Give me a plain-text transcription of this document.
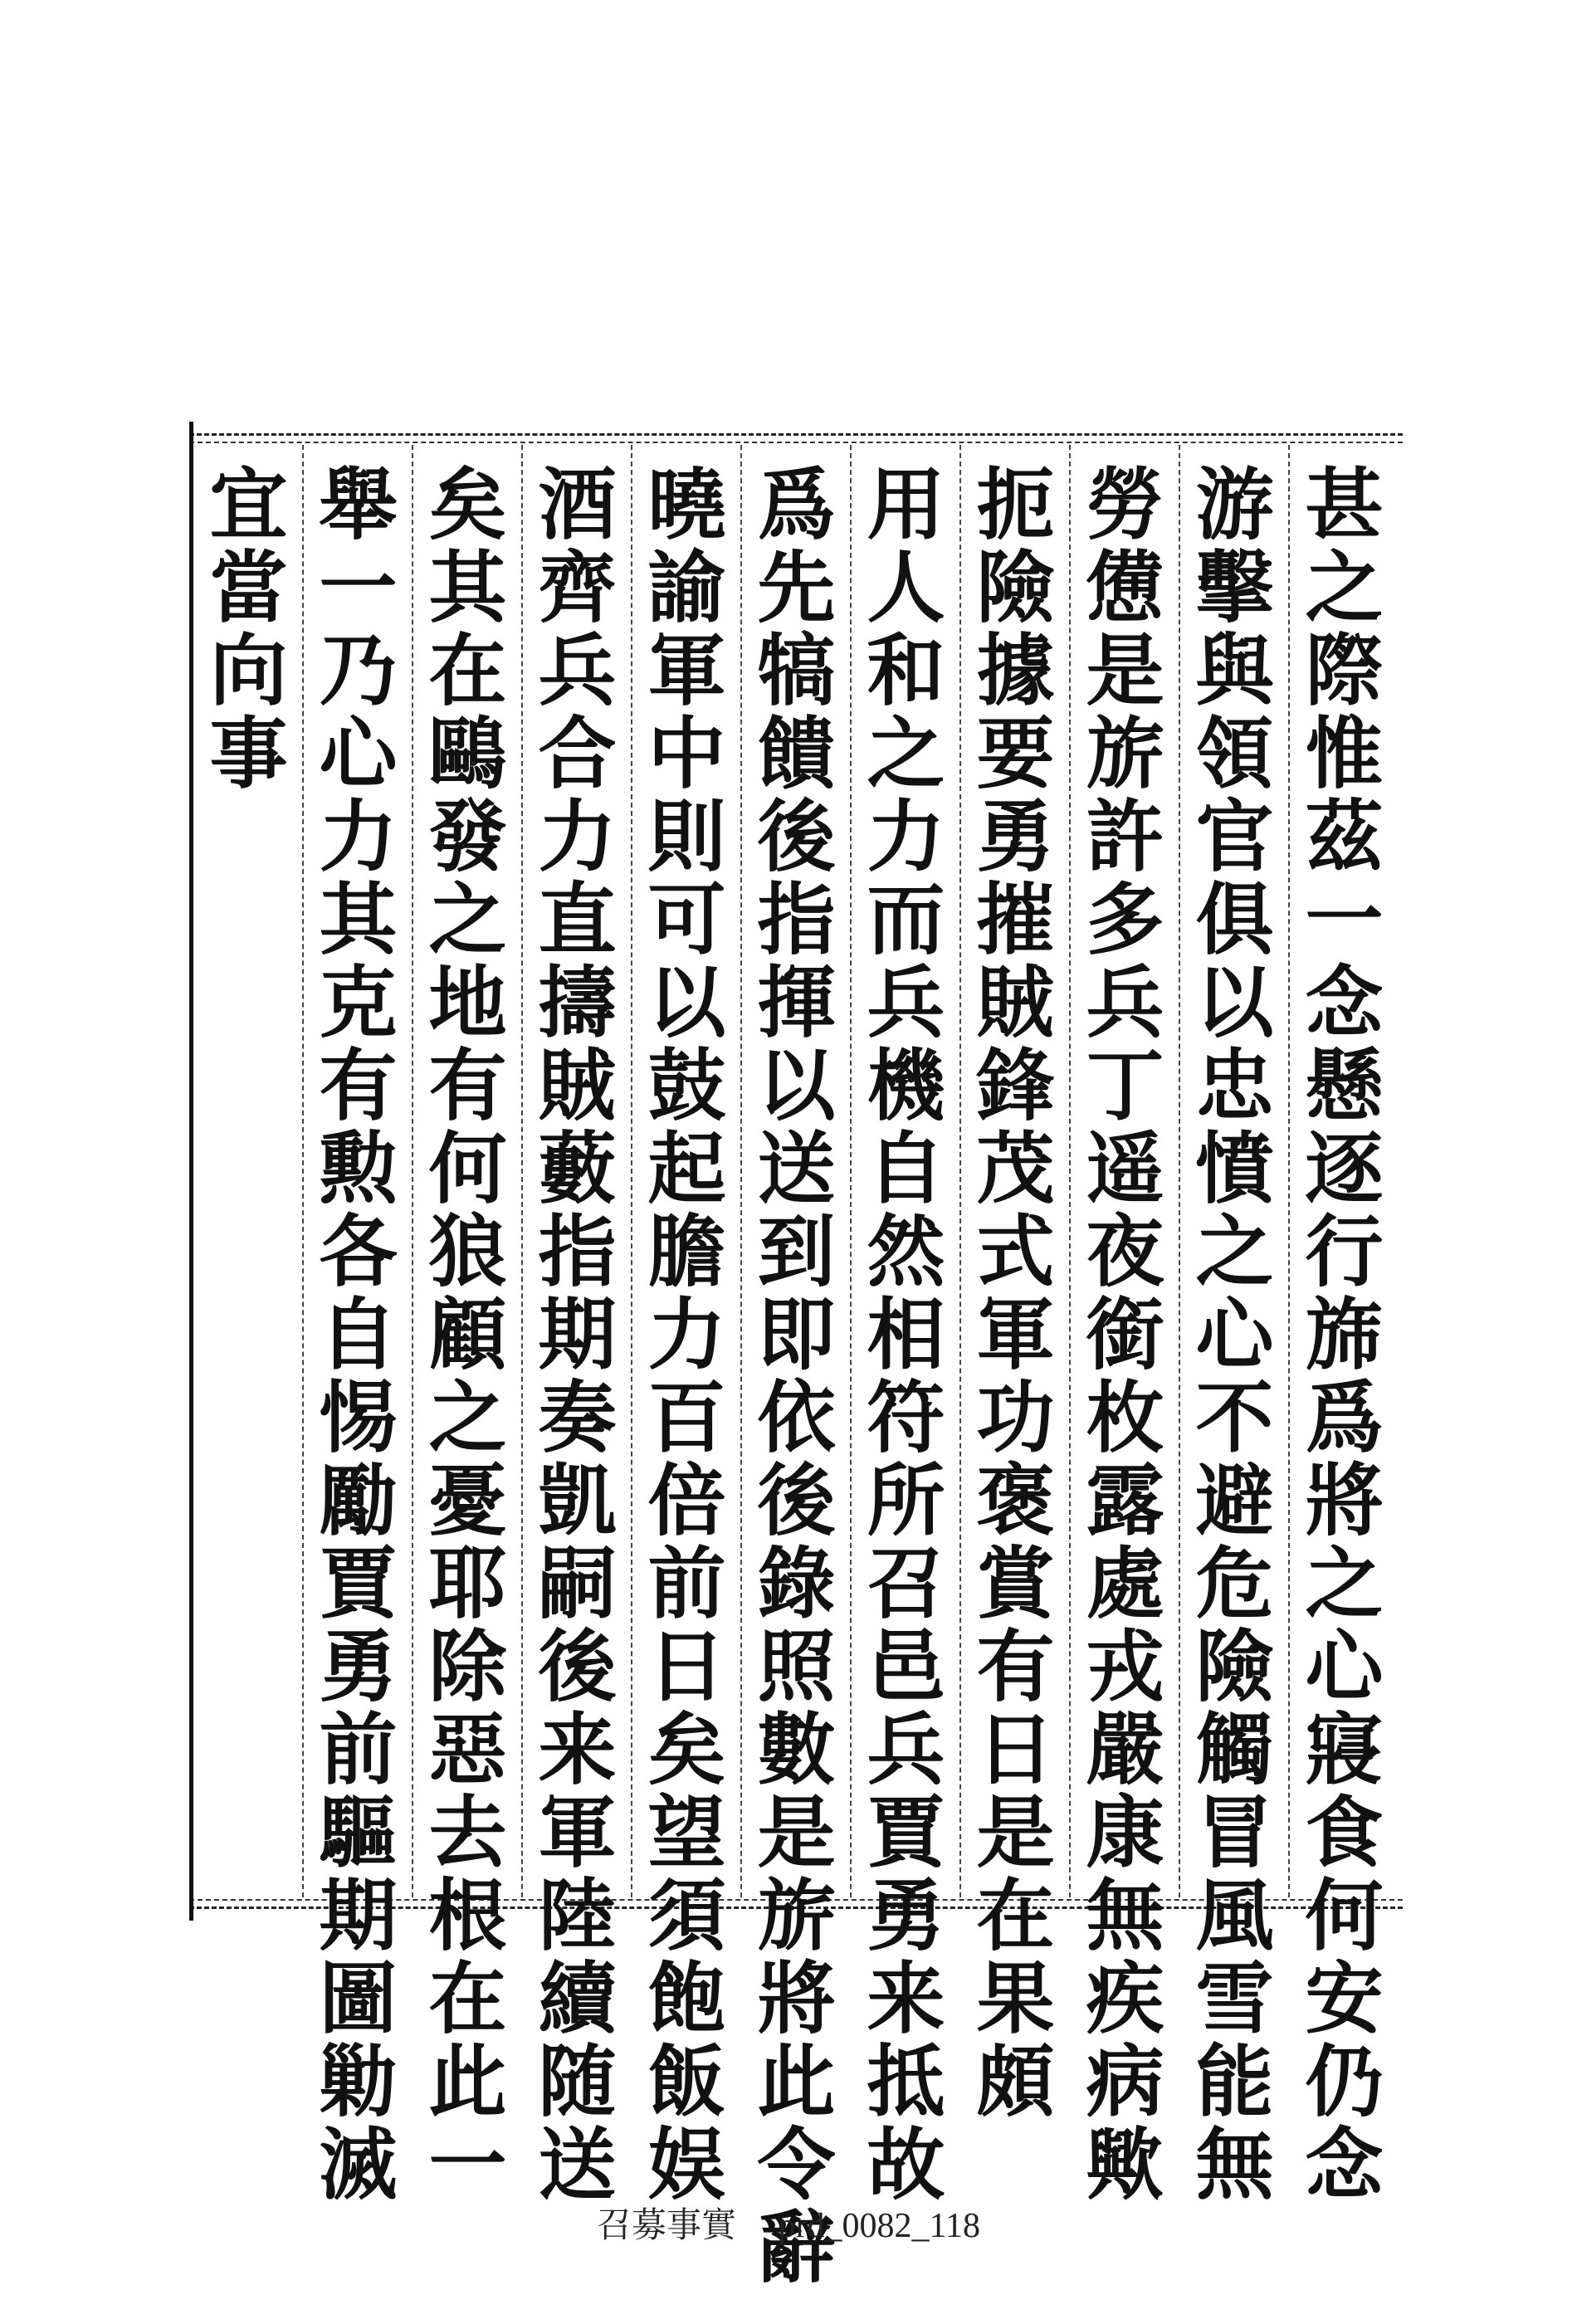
甚之際惟茲一念懸逐行旆爲將之心寢食何安仍念
游擊與領官俱以忠憤之心不避危險觸冒風雪能無
勞憊是旂許多兵丁遥夜銜枚露處戎嚴康無疾病歟
扼險據要勇摧賊鋒茂式軍功褒賞有日是在果頗
用人和之力而兵機自然相符所召邑兵賈勇来抵故
爲先犒饋後指揮以送到即依後錄照數是旂將此令辭
曉諭軍中則可以鼓起膽力百倍前日矣望須飽飯娱
酒齊兵合力直擣賊藪指期奏凱嗣後来軍陸續随送
矣其在鷗發之地有何狼顧之憂耶除惡去根在此一
舉一乃心力其克有勲各自惕勵賈勇前驅期圖勦滅
宜當向事
召募事實 prd_0082_118
